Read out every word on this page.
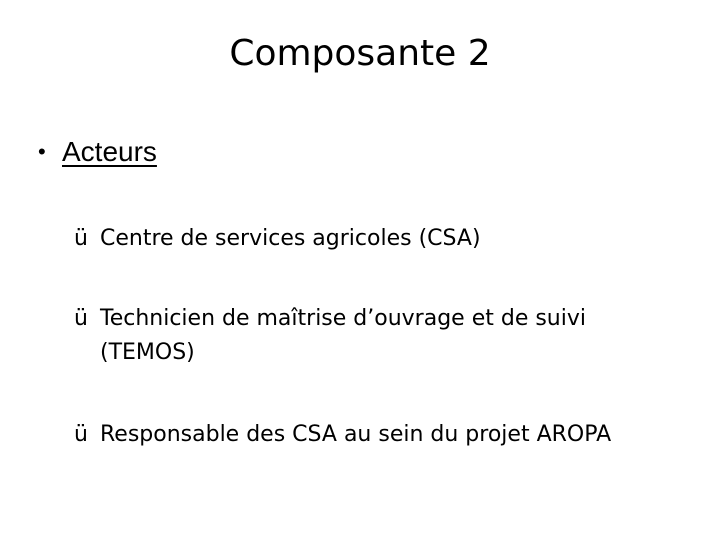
Composante 2
• Acteurs
ü Centre de services agricoles (CSA)
ü Technicien de maîtrise d’ouvrage et de suivi (TEMOS)
ü Responsable des CSA au sein du projet AROPA
